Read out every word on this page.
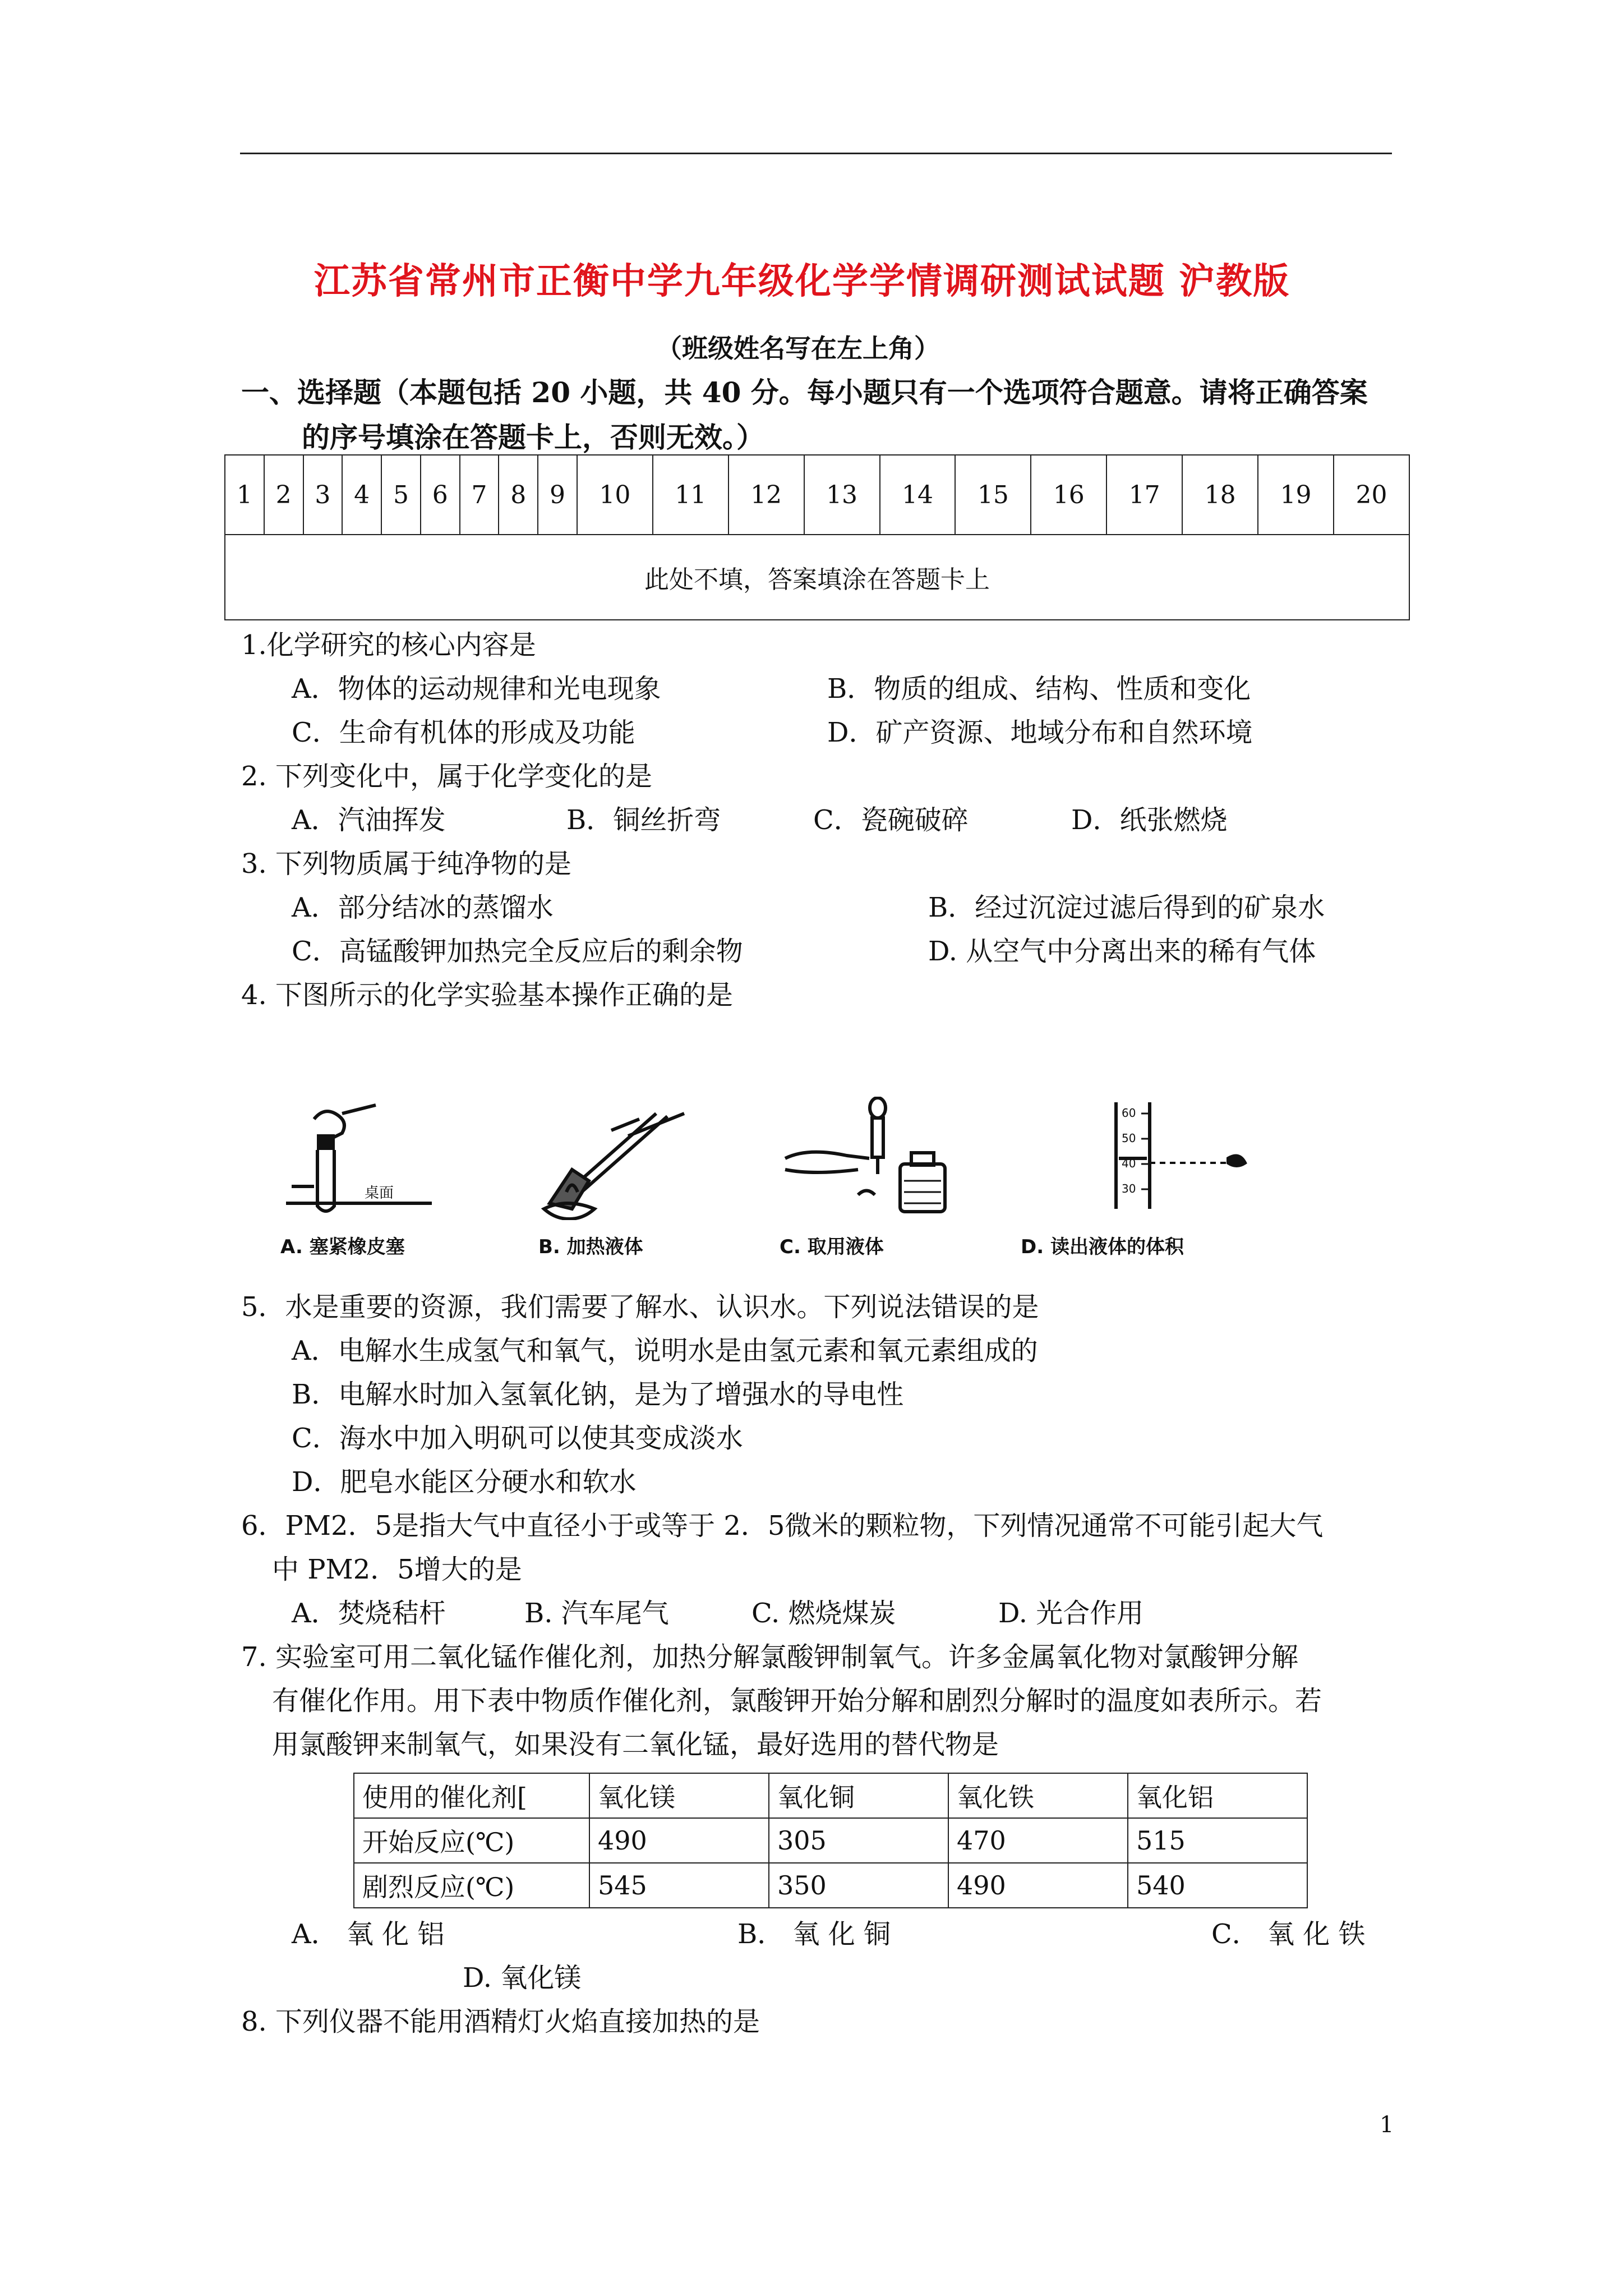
江苏省常州市正衡中学九年级化学学情调研测试试题 沪教版
（班级姓名写在左上角）
一、选择题（本题包括 20 小题，共 40 分。每小题只有一个选项符合题意。请将正确答案
的序号填涂在答题卡上，否则无效。）
1	2	3	4	5	6	7	8	9	10	11	12	13	14	15	16	17	18	19	20
此处不填，答案填涂在答题卡上
1.化学研究的核心内容是
A．物体的运动规律和光电现象	B．物质的组成、结构、性质和变化
C．生命有机体的形成及功能	D．矿产资源、地域分布和自然环境
2. 下列变化中，属于化学变化的是
A．汽油挥发	B．铜丝折弯	C．瓷碗破碎	D．纸张燃烧
3. 下列物质属于纯净物的是
A．部分结冰的蒸馏水	B．经过沉淀过滤后得到的矿泉水
C．高锰酸钾加热完全反应后的剩余物	D. 从空气中分离出来的稀有气体
4. 下图所示的化学实验基本操作正确的是
桌面
A. 塞紧橡皮塞	B. 加热液体	C. 取用液体
60
50
40
30
D. 读出液体的体积
5．水是重要的资源，我们需要了解水、认识水。下列说法错误的是
A．电解水生成氢气和氧气，说明水是由氢元素和氧元素组成的
B．电解水时加入氢氧化钠，是为了增强水的导电性
C．海水中加入明矾可以使其变成淡水
D．肥皂水能区分硬水和软水
6．PM2．5是指大气中直径小于或等于 2．5微米的颗粒物，下列情况通常不可能引起大气
中 PM2．5增大的是
A．焚烧秸杆	B. 汽车尾气	C. 燃烧煤炭	D. 光合作用
7. 实验室可用二氧化锰作催化剂，加热分解氯酸钾制氧气。许多金属氧化物对氯酸钾分解
有催化作用。用下表中物质作催化剂，氯酸钾开始分解和剧烈分解时的温度如表所示。若
用氯酸钾来制氧气，如果没有二氧化锰，最好选用的替代物是
使用的催化剂[	氧化镁	氧化铜	氧化铁	氧化铝
开始反应(℃)	490	305	470	515
剧烈反应(℃)	545	350	490	540
A． 氧 化 铝	B． 氧 化 铜	C． 氧 化 铁
D. 氧化镁
8. 下列仪器不能用酒精灯火焰直接加热的是
1
